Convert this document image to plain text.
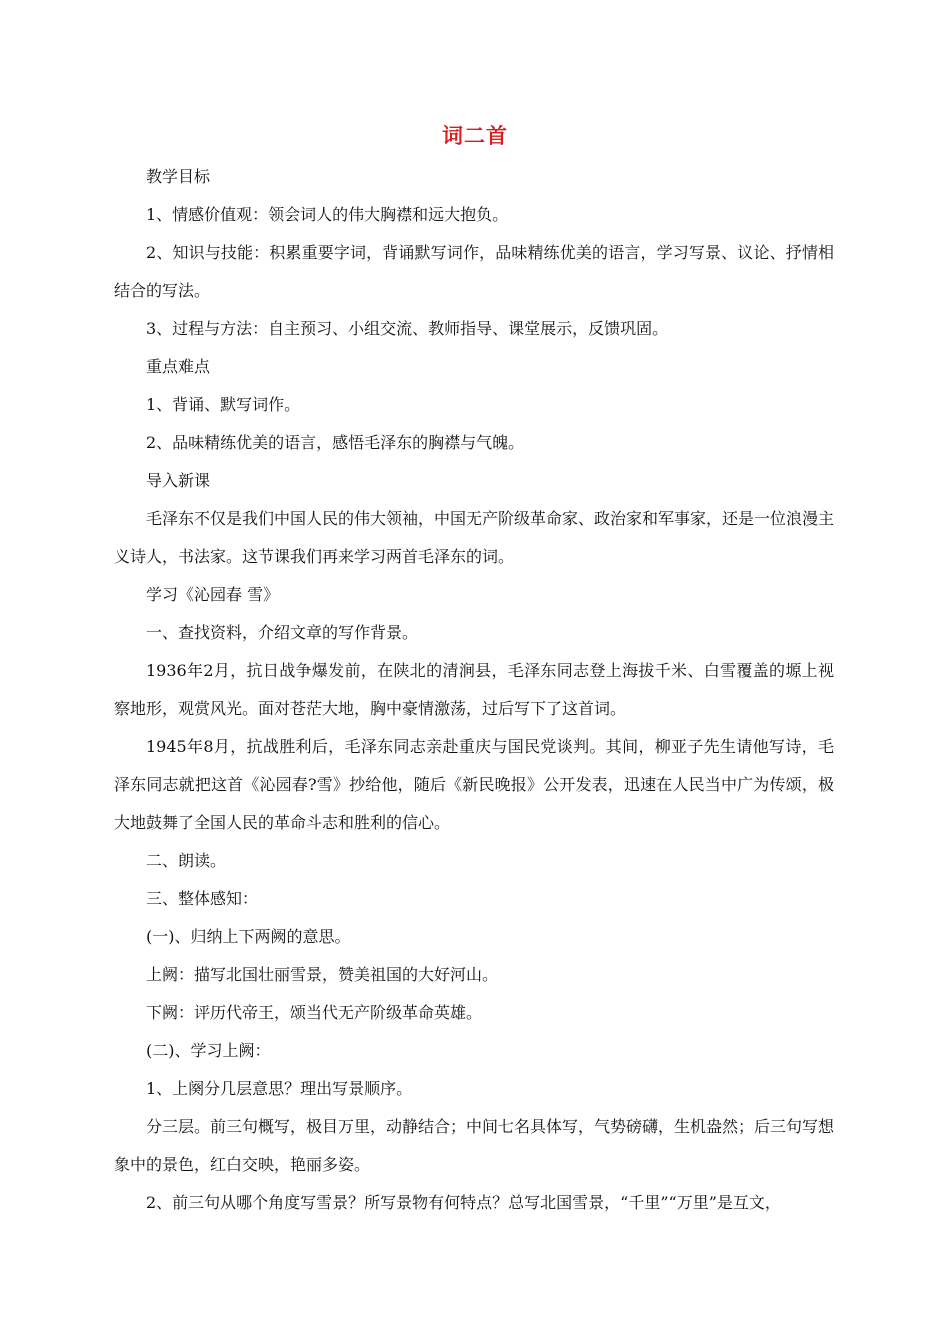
词二首

教学目标

1、情感价值观：领会词人的伟大胸襟和远大抱负。

2、知识与技能：积累重要字词，背诵默写词作，品味精练优美的语言，学习写景、议论、抒情相结合的写法。

3、过程与方法：自主预习、小组交流、教师指导、课堂展示，反馈巩固。

重点难点

1、背诵、默写词作。

2、品味精练优美的语言，感悟毛泽东的胸襟与气魄。

导入新课

毛泽东不仅是我们中国人民的伟大领袖，中国无产阶级革命家、政治家和军事家，还是一位浪漫主义诗人，书法家。这节课我们再来学习两首毛泽东的词。

学习《沁园春 雪》

一、查找资料，介绍文章的写作背景。

1936年2月，抗日战争爆发前，在陕北的清涧县，毛泽东同志登上海拔千米、白雪覆盖的塬上视察地形，观赏风光。面对苍茫大地，胸中豪情激荡，过后写下了这首词。

1945年8月，抗战胜利后，毛泽东同志亲赴重庆与国民党谈判。其间，柳亚子先生请他写诗，毛泽东同志就把这首《沁园春?雪》抄给他，随后《新民晚报》公开发表，迅速在人民当中广为传颂，极大地鼓舞了全国人民的革命斗志和胜利的信心。

二、朗读。

三、整体感知：

(一)、归纳上下两阙的意思。

上阙：描写北国壮丽雪景，赞美祖国的大好河山。

下阙：评历代帝王，颂当代无产阶级革命英雄。

(二)、学习上阙：

1、上阕分几层意思？理出写景顺序。

分三层。前三句概写，极目万里，动静结合；中间七名具体写，气势磅礴，生机盎然；后三句写想象中的景色，红白交映，艳丽多姿。

2、前三句从哪个角度写雪景？所写景物有何特点？总写北国雪景，“千里”“万里”是互文，
